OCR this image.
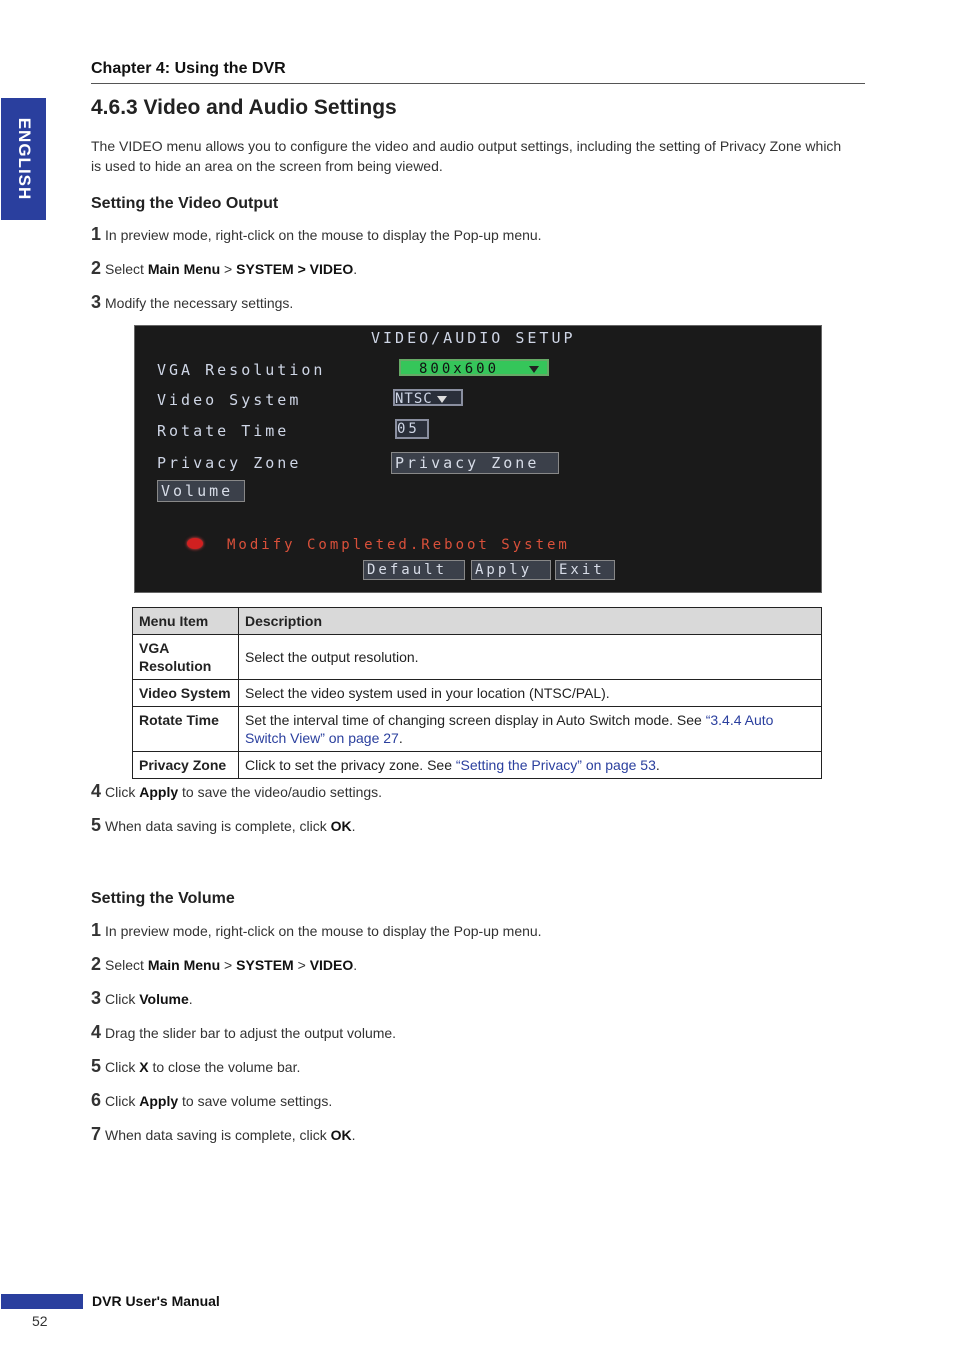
Chapter 4: Using the DVR
ENGLISH
4.6.3 Video and Audio Settings
The VIDEO menu allows you to configure the video and audio output settings, including the setting of Privacy Zone which is used to hide an area on the screen from being viewed.
Setting the Video Output
1 In preview mode, right-click on the mouse to display the Pop-up menu.
2 Select Main Menu > SYSTEM > VIDEO.
3 Modify the necessary settings.
VIDEO/AUDIO SETUP
VGA Resolution	800x600
Video System	NTSC
Rotate Time	05
Privacy Zone	Privacy Zone
Volume
Modify Completed.Reboot System
Default	Apply	Exit
Menu Item	Description
VGA Resolution	Select the output resolution.
Video System	Select the video system used in your location (NTSC/PAL).
Rotate Time	Set the interval time of changing screen display in Auto Switch mode. See “3.4.4 Auto Switch View” on page 27.
Privacy Zone	Click to set the privacy zone. See “Setting the Privacy” on page 53.
4 Click Apply to save the video/audio settings.
5 When data saving is complete, click OK.
Setting the Volume
1 In preview mode, right-click on the mouse to display the Pop-up menu.
2 Select Main Menu > SYSTEM > VIDEO.
3 Click Volume.
4 Drag the slider bar to adjust the output volume.
5 Click X to close the volume bar.
6 Click Apply to save volume settings.
7 When data saving is complete, click OK.
DVR User's Manual
52
